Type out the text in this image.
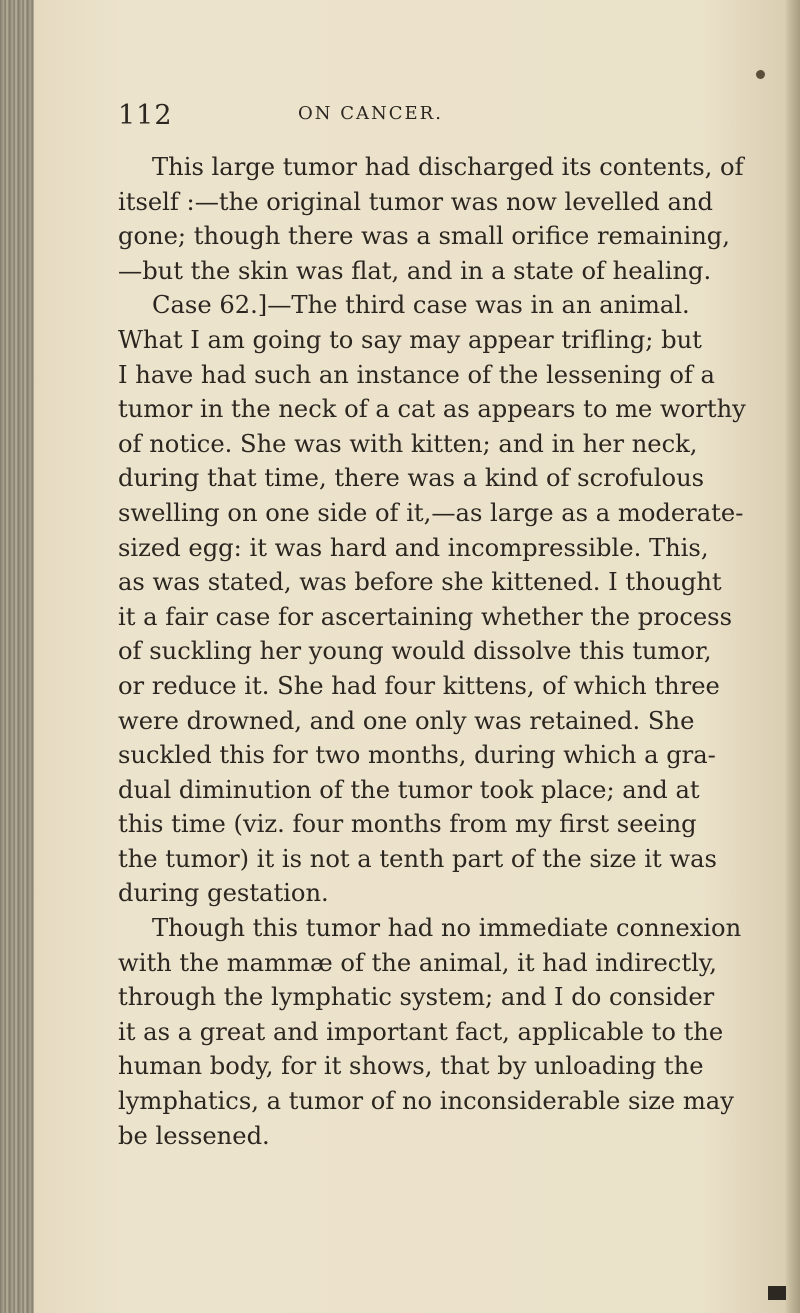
112	ON CANCER.
This large tumor had discharged its contents, of
itself :—the original tumor was now levelled and
gone; though there was a small orifice remaining,
—but the skin was flat, and in a state of healing.
Case 62.]—The third case was in an animal.
What I am going to say may appear trifling; but
I have had such an instance of the lessening of a
tumor in the neck of a cat as appears to me worthy
of notice. She was with kitten; and in her neck,
during that time, there was a kind of scrofulous
swelling on one side of it,—as large as a moderate-
sized egg: it was hard and incompressible. This,
as was stated, was before she kittened. I thought
it a fair case for ascertaining whether the process
of suckling her young would dissolve this tumor,
or reduce it. She had four kittens, of which three
were drowned, and one only was retained. She
suckled this for two months, during which a gra-
dual diminution of the tumor took place; and at
this time (viz. four months from my first seeing
the tumor) it is not a tenth part of the size it was
during gestation.
Though this tumor had no immediate connexion
with the mammæ of the animal, it had indirectly,
through the lymphatic system; and I do consider
it as a great and important fact, applicable to the
human body, for it shows, that by unloading the
lymphatics, a tumor of no inconsiderable size may
be lessened.
